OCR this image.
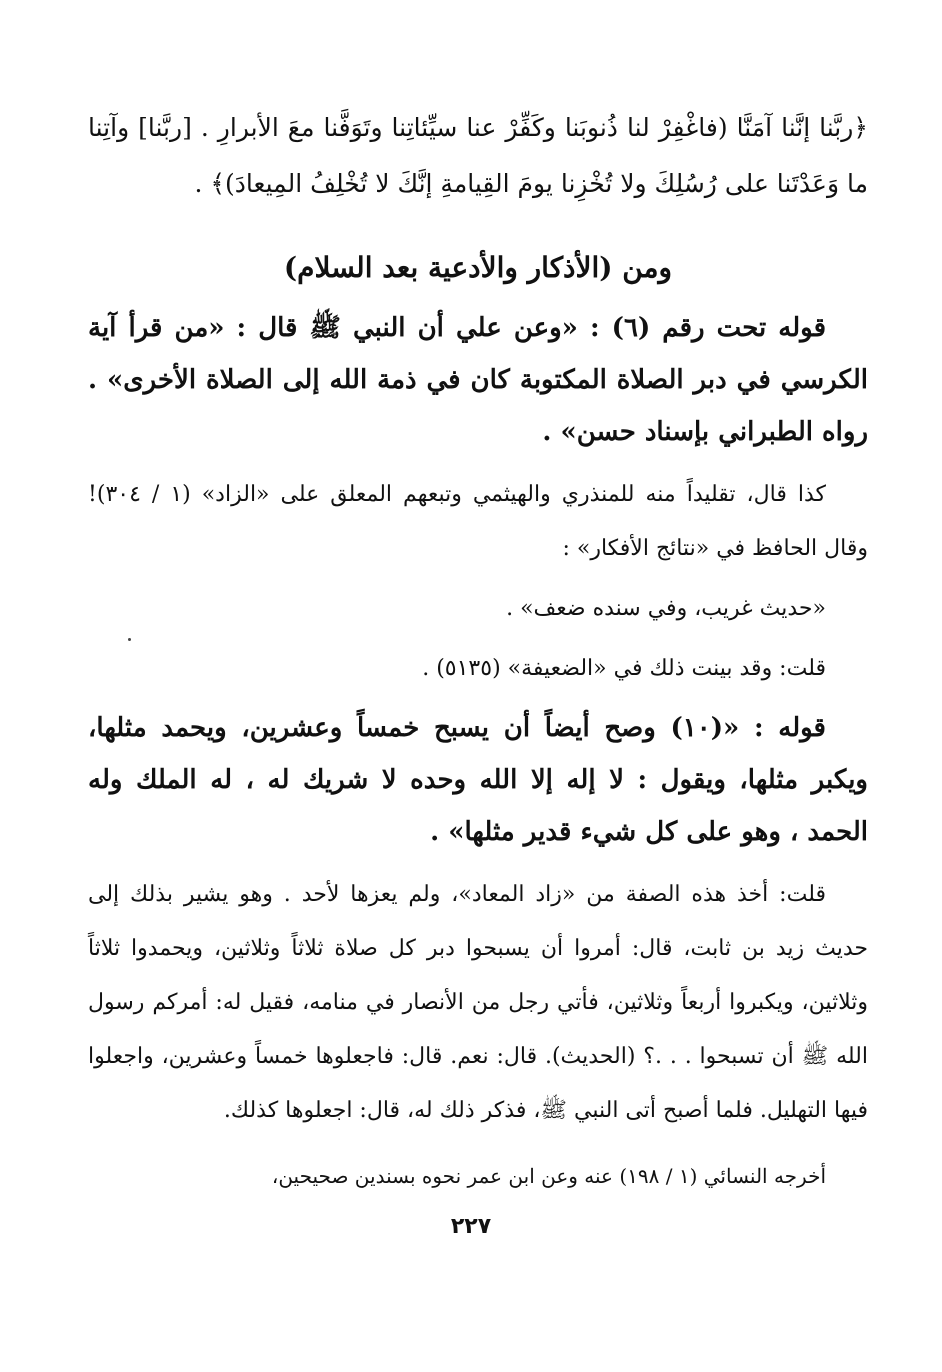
﴿ربَّنا إنَّنا آمَنَّا (فاغْفِرْ لنا ذُنوبَنا وكَفِّرْ عنا سيِّئاتِنا وتَوَفَّنا معَ الأبرارِ . [ربَّنا] وآتِنا ما وَعَدْتَنا على رُسُلِكَ ولا تُخْزِنا يومَ القِيامةِ إنَّكَ لا تُخْلِفُ المِيعادَ)﴾ .

ومن (الأذكار والأدعية بعد السلام)

قوله تحت رقم (٦) : «وعن علي أن النبي ﷺ قال : «من قرأ آية الكرسي في دبر الصلاة المكتوبة كان في ذمة الله إلى الصلاة الأخرى» . رواه الطبراني بإسناد حسن» .

كذا قال، تقليداً منه للمنذري والهيثمي وتبعهم المعلق على «الزاد» (١ / ٣٠٤)! وقال الحافظ في «نتائج الأفكار» :

«حديث غريب، وفي سنده ضعف» .

قلت: وقد بينت ذلك في «الضعيفة» (٥١٣٥) .

قوله : «(١٠) وصح أيضاً أن يسبح خمساً وعشرين، ويحمد مثلها، ويكبر مثلها، ويقول : لا إله إلا الله وحده لا شريك له ، له الملك وله الحمد ، وهو على كل شيء قدير مثلها» .

قلت: أخذ هذه الصفة من «زاد المعاد»، ولم يعزها لأحد . وهو يشير بذلك إلى حديث زيد بن ثابت، قال: أمروا أن يسبحوا دبر كل صلاة ثلاثاً وثلاثين، ويحمدوا ثلاثاً وثلاثين، ويكبروا أربعاً وثلاثين، فأتي رجل من الأنصار في منامه، فقيل له: أمركم رسول الله ﷺ أن تسبحوا . . .؟ (الحديث). قال: نعم. قال: فاجعلوها خمساً وعشرين، واجعلوا فيها التهليل. فلما أصبح أتى النبي ﷺ، فذكر ذلك له، قال: اجعلوها كذلك.

أخرجه النسائي (١ / ١٩٨) عنه وعن ابن عمر نحوه بسندين صحيحين،

٢٢٧
